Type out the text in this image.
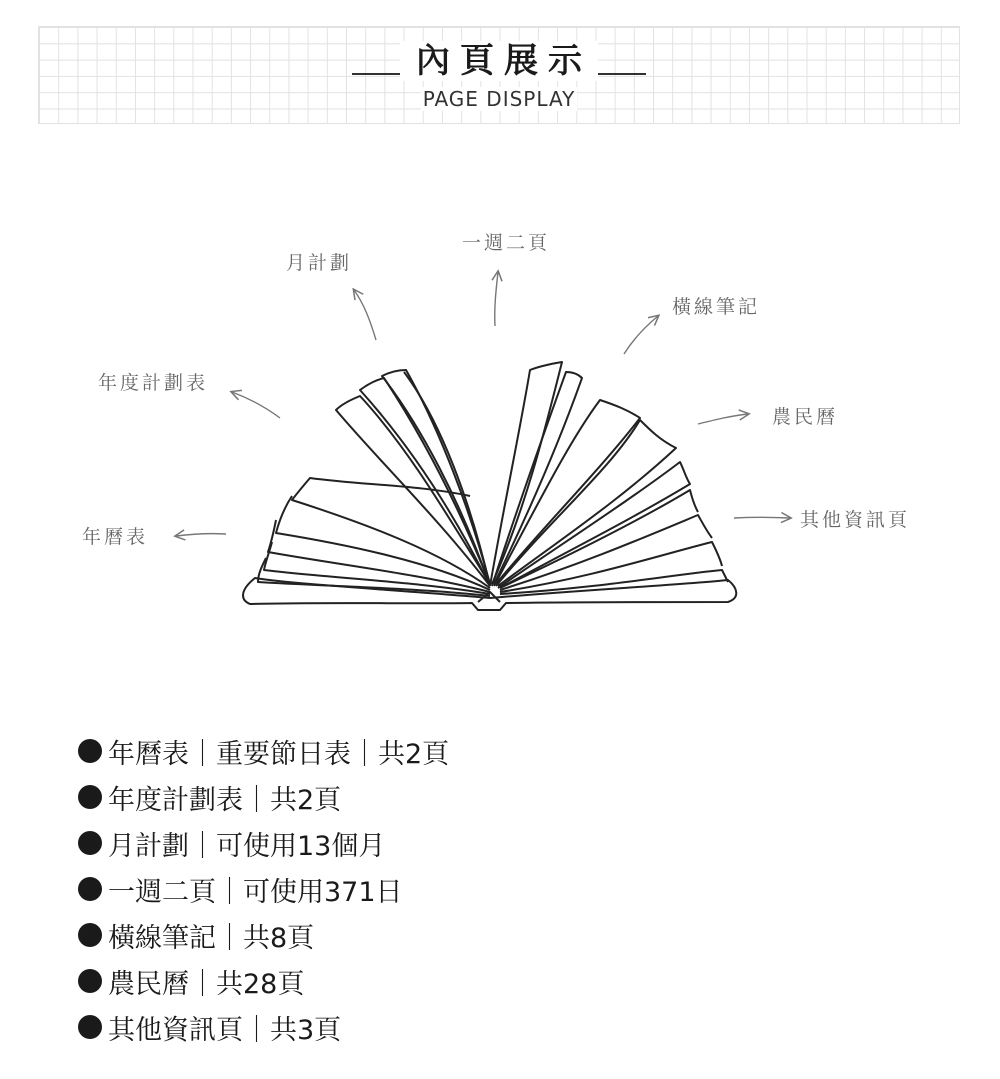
內頁展示
PAGE DISPLAY
月計劃
一週二頁
橫線筆記
年度計劃表
農民曆
年曆表
其他資訊頁
年曆表 ｜ 重要節日表 ｜ 共2頁
年度計劃表 ｜ 共2頁
月計劃 ｜ 可使用13個月
一週二頁 ｜ 可使用371日
橫線筆記 ｜ 共8頁
農民曆 ｜ 共28頁
其他資訊頁 ｜ 共3頁
